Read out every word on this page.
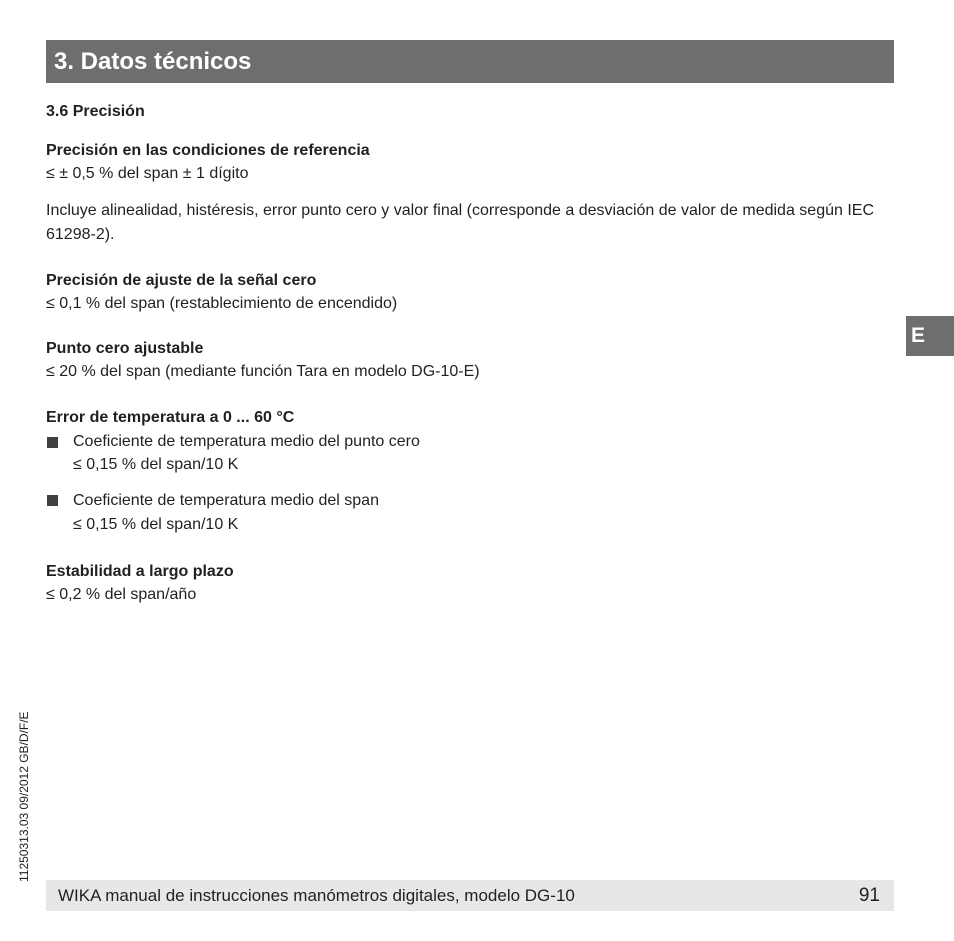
3. Datos técnicos
E
3.6 Precisión
Precisión en las condiciones de referencia
≤ ± 0,5 % del span ± 1 dígito
Incluye alinealidad, histéresis, error punto cero y valor final (corresponde a desviación de valor de medida según IEC 61298-2).
Precisión de ajuste de la señal cero
≤ 0,1 % del span (restablecimiento de encendido)
Punto cero ajustable
≤ 20 % del span (mediante función Tara en modelo DG-10-E)
Error de temperatura a 0 ... 60 °C
Coeficiente de temperatura medio del punto cero
≤ 0,15 % del span/10 K
Coeficiente de temperatura medio del span
≤ 0,15 % del span/10 K
Estabilidad a largo plazo
≤ 0,2 % del span/año
11250313.03 09/2012 GB/D/F/E
WIKA manual de instrucciones manómetros digitales, modelo DG-10	91
